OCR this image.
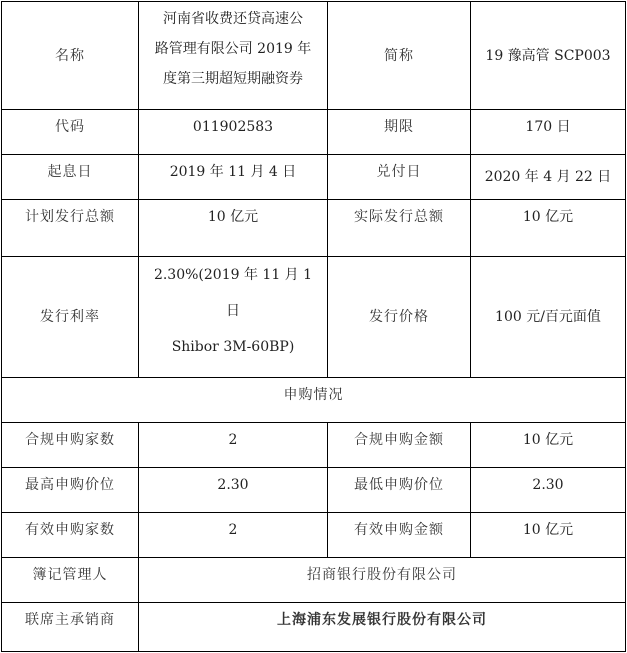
名称	河南省收费还贷高速公
路管理有限公司 2019 年
度第三期超短期融资券	简称	19 豫高管 SCP003

代码	011902583	期限	170 日

起息日	2019 年 11 月 4 日	兑付日	2020 年 4 月 22 日

计划发行总额	10 亿元	实际发行总额	10 亿元

发行利率	2.30%(2019 年 11 月 1
日
Shibor 3M-60BP)	发行价格	100 元/百元面值

申购情况			

合规申购家数	2	合规申购金额	10 亿元

最高申购价位	2.30	最低申购价位	2.30

有效申购家数	2	有效申购金额	10 亿元

簿记管理人	招商银行股份有限公司		

联席主承销商	上海浦东发展银行股份有限公司		
